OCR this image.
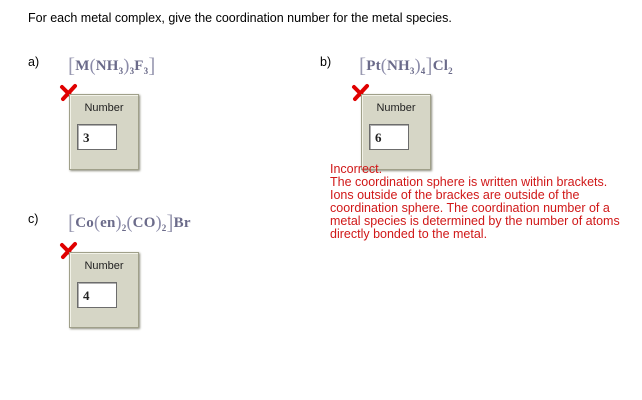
For each metal complex, give the coordination number for the metal species.
a) $[M(NH_3)_3F_3]$
Number
3
b) $[Pt(NH_3)_4]Cl_2$
Number
6
Incorrect.
The coordination sphere is written within brackets. Ions outside of the brackes are outside of the coordination sphere. The coordination number of a metal species is determined by the number of atoms directly bonded to the metal.
c) $[Co(en)_2(CO)_2]Br$
Number
4
